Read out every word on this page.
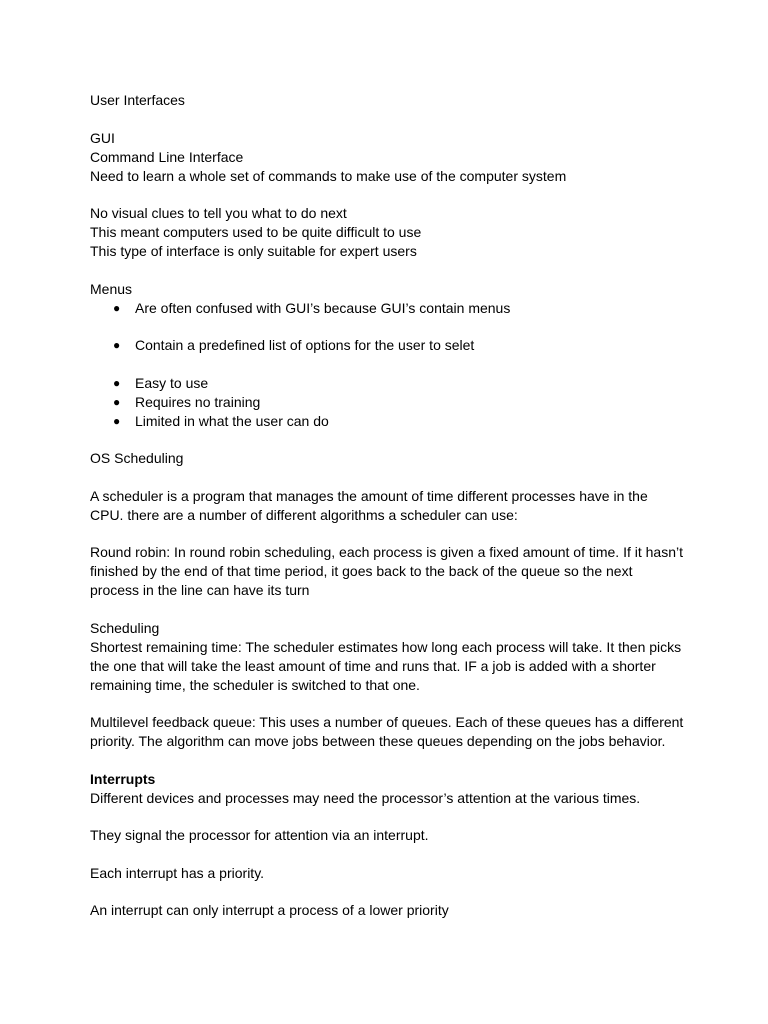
User Interfaces
GUI
Command Line Interface
Need to learn a whole set of commands to make use of the computer system
No visual clues to tell you what to do next
This meant computers used to be quite difficult to use
This type of interface is only suitable for expert users
Menus
● Are often confused with GUI’s because GUI’s contain menus
● Contain a predefined list of options for the user to selet
● Easy to use
● Requires no training
● Limited in what the user can do
OS Scheduling
A scheduler is a program that manages the amount of time different processes have in the CPU. there are a number of different algorithms a scheduler can use:
Round robin: In round robin scheduling, each process is given a fixed amount of time. If it hasn’t finished by the end of that time period, it goes back to the back of the queue so the next process in the line can have its turn
Scheduling
Shortest remaining time: The scheduler estimates how long each process will take. It then picks the one that will take the least amount of time and runs that. IF a job is added with a shorter remaining time, the scheduler is switched to that one.
Multilevel feedback queue: This uses a number of queues. Each of these queues has a different priority. The algorithm can move jobs between these queues depending on the jobs behavior.
Interrupts
Different devices and processes may need the processor’s attention at the various times.
They signal the processor for attention via an interrupt.
Each interrupt has a priority.
An interrupt can only interrupt a process of a lower priority
